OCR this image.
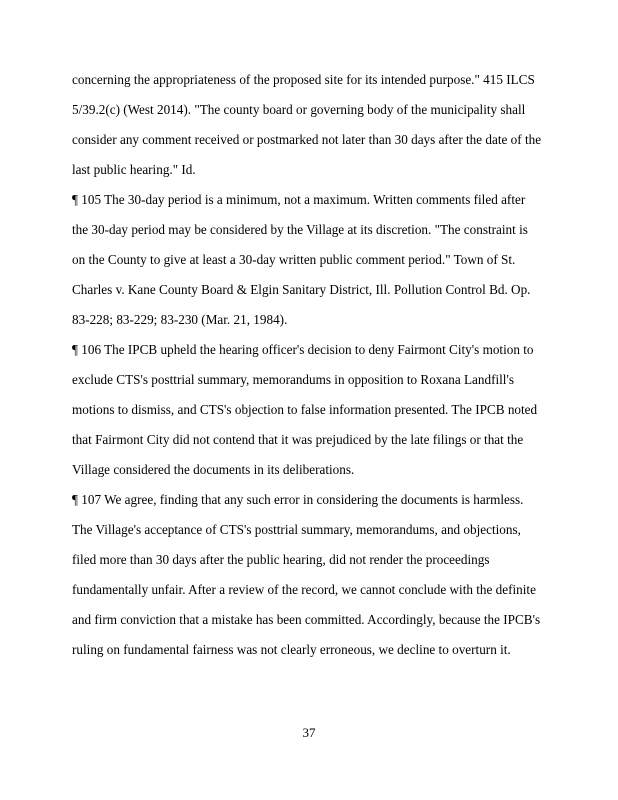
concerning the appropriateness of the proposed site for its intended purpose." 415 ILCS
5/39.2(c) (West 2014). "The county board or governing body of the municipality shall
consider any comment received or postmarked not later than 30 days after the date of the
last public hearing." Id.
¶ 105 The 30-day period is a minimum, not a maximum. Written comments filed after
the 30-day period may be considered by the Village at its discretion. "The constraint is
on the County to give at least a 30-day written public comment period." Town of St.
Charles v. Kane County Board & Elgin Sanitary District, Ill. Pollution Control Bd. Op.
83-228; 83-229; 83-230 (Mar. 21, 1984).
¶ 106 The IPCB upheld the hearing officer's decision to deny Fairmont City's motion to
exclude CTS's posttrial summary, memorandums in opposition to Roxana Landfill's
motions to dismiss, and CTS's objection to false information presented. The IPCB noted
that Fairmont City did not contend that it was prejudiced by the late filings or that the
Village considered the documents in its deliberations.
¶ 107 We agree, finding that any such error in considering the documents is harmless.
The Village's acceptance of CTS's posttrial summary, memorandums, and objections,
filed more than 30 days after the public hearing, did not render the proceedings
fundamentally unfair. After a review of the record, we cannot conclude with the definite
and firm conviction that a mistake has been committed. Accordingly, because the IPCB's
ruling on fundamental fairness was not clearly erroneous, we decline to overturn it.
37
